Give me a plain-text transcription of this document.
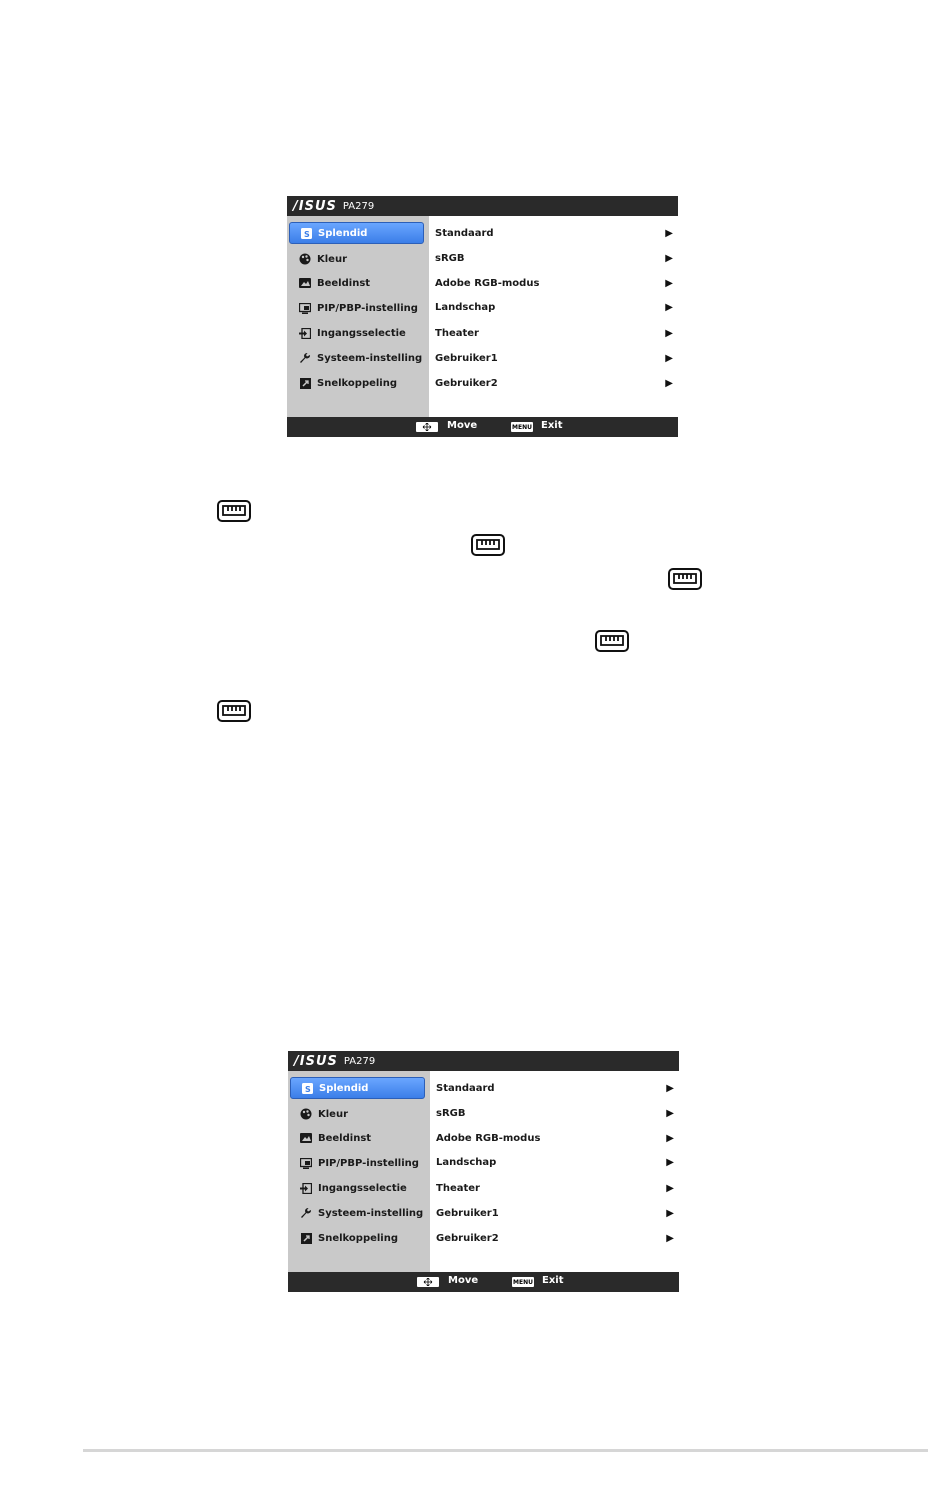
/ISUS PA279
S Splendid
Kleur
Beeldinst
PIP/PBP-instelling
Ingangsselectie
Systeem-instelling
Snelkoppeling
Standaard	▶
sRGB	▶
Adobe RGB-modus	▶
Landschap	▶
Theater	▶
Gebruiker1	▶
Gebruiker2	▶
Move	MENU Exit
/ISUS PA279
S Splendid
Kleur
Beeldinst
PIP/PBP-instelling
Ingangsselectie
Systeem-instelling
Snelkoppeling
Standaard	▶
sRGB	▶
Adobe RGB-modus	▶
Landschap	▶
Theater	▶
Gebruiker1	▶
Gebruiker2	▶
Move	MENU Exit
